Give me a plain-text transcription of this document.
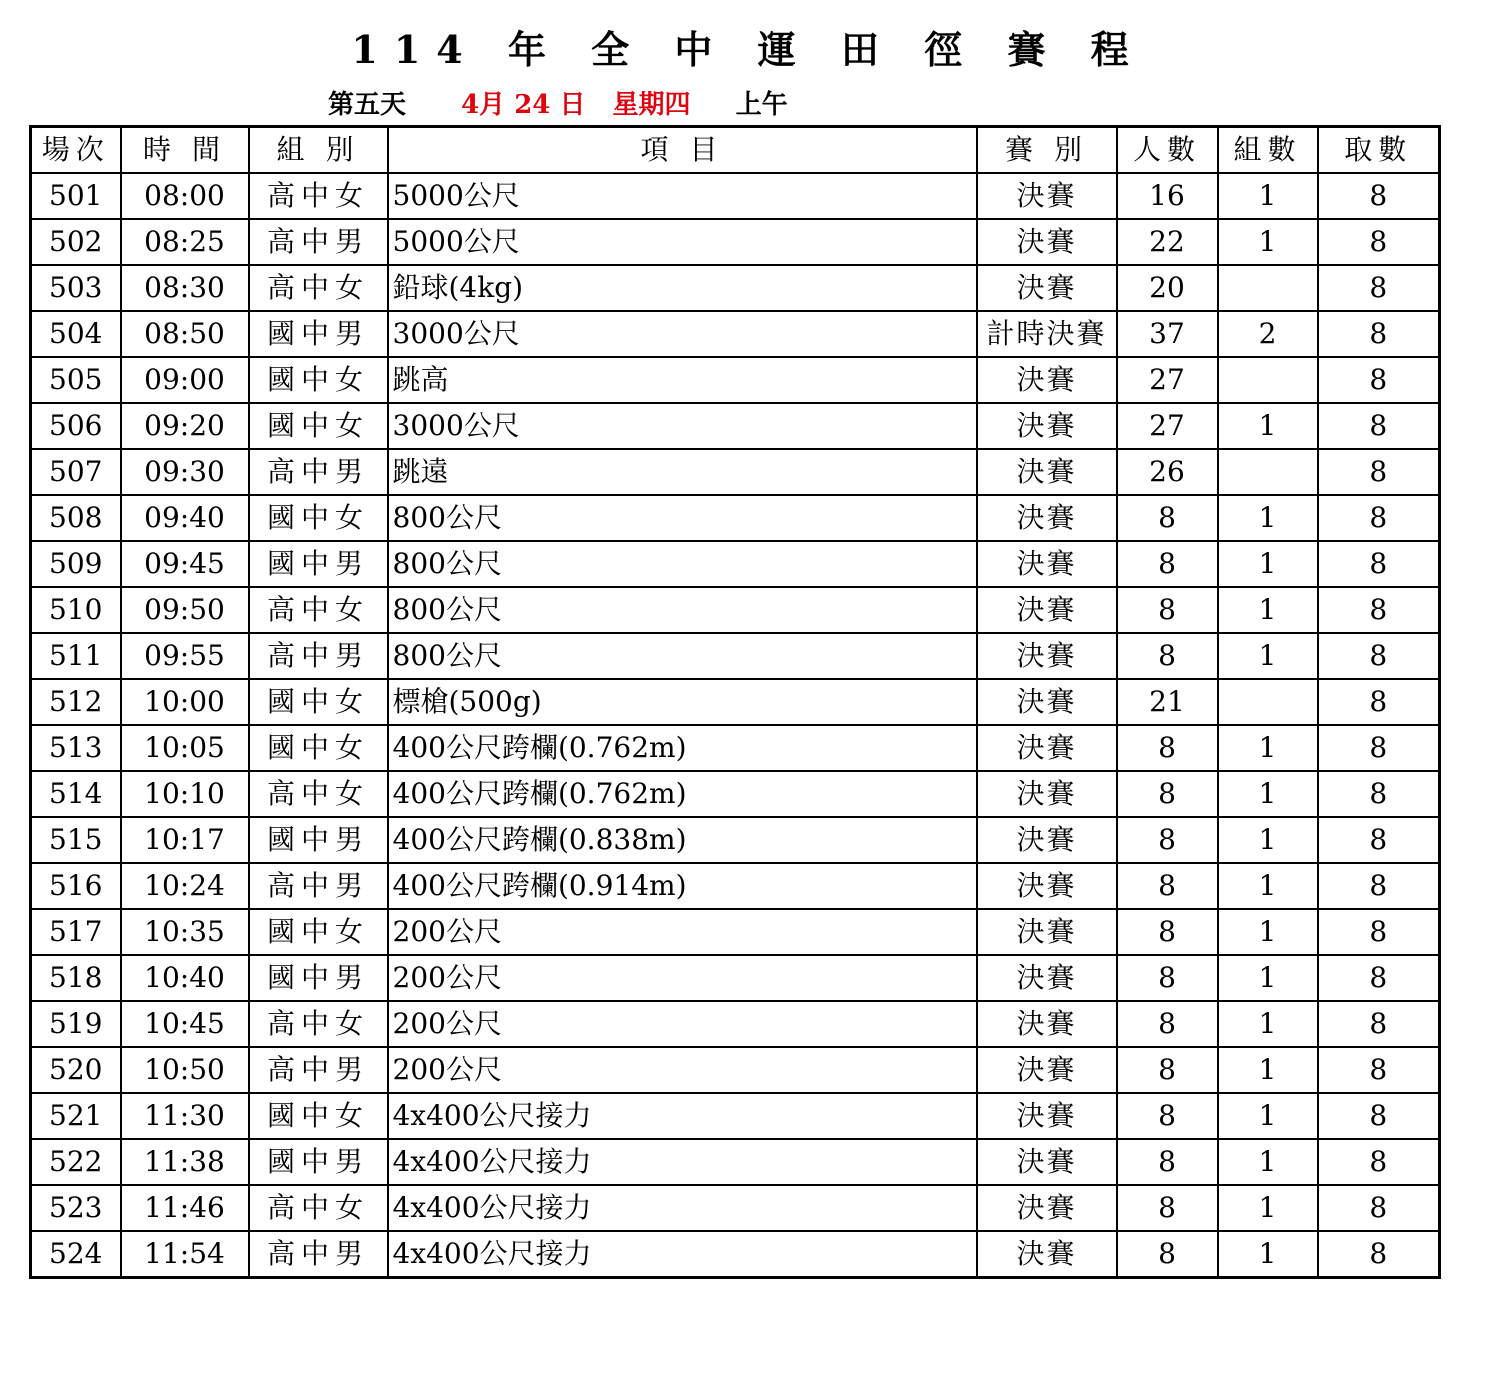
114 年 全 中 運 田 徑 賽 程
第五天 4月 24 日 星期四 上午
場次	時 間	組 別	項 目	賽 別	人數	組數	取數
501	08:00	高中女	5000公尺	決賽	16	1	8
502	08:25	高中男	5000公尺	決賽	22	1	8
503	08:30	高中女	鉛球(4kg)	決賽	20		8
504	08:50	國中男	3000公尺	計時決賽	37	2	8
505	09:00	國中女	跳高	決賽	27		8
506	09:20	國中女	3000公尺	決賽	27	1	8
507	09:30	高中男	跳遠	決賽	26		8
508	09:40	國中女	800公尺	決賽	8	1	8
509	09:45	國中男	800公尺	決賽	8	1	8
510	09:50	高中女	800公尺	決賽	8	1	8
511	09:55	高中男	800公尺	決賽	8	1	8
512	10:00	國中女	標槍(500g)	決賽	21		8
513	10:05	國中女	400公尺跨欄(0.762m)	決賽	8	1	8
514	10:10	高中女	400公尺跨欄(0.762m)	決賽	8	1	8
515	10:17	國中男	400公尺跨欄(0.838m)	決賽	8	1	8
516	10:24	高中男	400公尺跨欄(0.914m)	決賽	8	1	8
517	10:35	國中女	200公尺	決賽	8	1	8
518	10:40	國中男	200公尺	決賽	8	1	8
519	10:45	高中女	200公尺	決賽	8	1	8
520	10:50	高中男	200公尺	決賽	8	1	8
521	11:30	國中女	4x400公尺接力	決賽	8	1	8
522	11:38	國中男	4x400公尺接力	決賽	8	1	8
523	11:46	高中女	4x400公尺接力	決賽	8	1	8
524	11:54	高中男	4x400公尺接力	決賽	8	1	8
